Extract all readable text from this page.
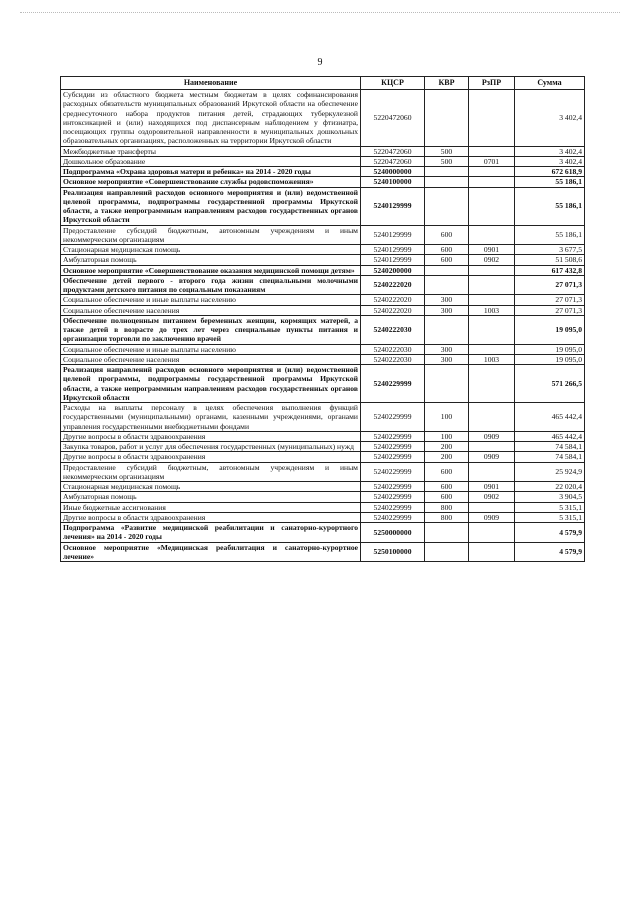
9
Наименование	КЦСР	КВР	РзПР	Сумма
Субсидии из областного бюджета местным бюджетам в целях софинансирования расходных обязательств муниципальных образований Иркутской области на обеспечение среднесуточного набора продуктов питания детей, страдающих туберкулезной интоксикацией и (или) находящихся под диспансерным наблюдением у фтизиатра, посещающих группы оздоровительной направленности в муниципальных дошкольных образовательных организациях, расположенных на территории Иркутской области	5220472060			3 402,4
Межбюджетные трансферты	5220472060	500		3 402,4
Дошкольное образование	5220472060	500	0701	3 402,4
Подпрограмма «Охрана здоровья матери и ребенка» на 2014 - 2020 годы	5240000000			672 618,9
Основное мероприятие «Совершенствование службы родовспоможения»	5240100000			55 186,1
Реализация направлений расходов основного мероприятия и (или) ведомственной целевой программы, подпрограммы государственной программы Иркутской области, а также непрограммным направлениям расходов государственных органов Иркутской области	5240129999			55 186,1
Предоставление субсидий бюджетным, автономным учреждениям и иным некоммерческим организациям	5240129999	600		55 186,1
Стационарная медицинская помощь	5240129999	600	0901	3 677,5
Амбулаторная помощь	5240129999	600	0902	51 508,6
Основное мероприятие «Совершенствование оказания медицинской помощи детям»	5240200000			617 432,8
Обеспечение детей первого - второго года жизни специальными молочными продуктами детского питания по социальным показаниям	5240222020			27 071,3
Социальное обеспечение и иные выплаты населению	5240222020	300		27 071,3
Социальное обеспечение населения	5240222020	300	1003	27 071,3
Обеспечение полноценным питанием беременных женщин, кормящих матерей, а также детей в возрасте до трех лет через специальные пункты питания и организации торговли по заключению врачей	5240222030			19 095,0
Социальное обеспечение и иные выплаты населению	5240222030	300		19 095,0
Социальное обеспечение населения	5240222030	300	1003	19 095,0
Реализация направлений расходов основного мероприятия и (или) ведомственной целевой программы, подпрограммы государственной программы Иркутской области, а также непрограммным направлениям расходов государственных органов Иркутской области	5240229999			571 266,5
Расходы на выплаты персоналу в целях обеспечения выполнения функций государственными (муниципальными) органами, казенными учреждениями, органами управления государственными внебюджетными фондами	5240229999	100		465 442,4
Другие вопросы в области здравоохранения	5240229999	100	0909	465 442,4
Закупка товаров, работ и услуг для обеспечения государственных (муниципальных) нужд	5240229999	200		74 584,1
Другие вопросы в области здравоохранения	5240229999	200	0909	74 584,1
Предоставление субсидий бюджетным, автономным учреждениям и иным некоммерческим организациям	5240229999	600		25 924,9
Стационарная медицинская помощь	5240229999	600	0901	22 020,4
Амбулаторная помощь	5240229999	600	0902	3 904,5
Иные бюджетные ассигнования	5240229999	800		5 315,1
Другие вопросы в области здравоохранения	5240229999	800	0909	5 315,1
Подпрограмма «Развитие медицинской реабилитации и санаторно-курортного лечения» на 2014 - 2020 годы	5250000000			4 579,9
Основное мероприятие «Медицинская реабилитация и санаторно-курортное лечение»	5250100000			4 579,9
